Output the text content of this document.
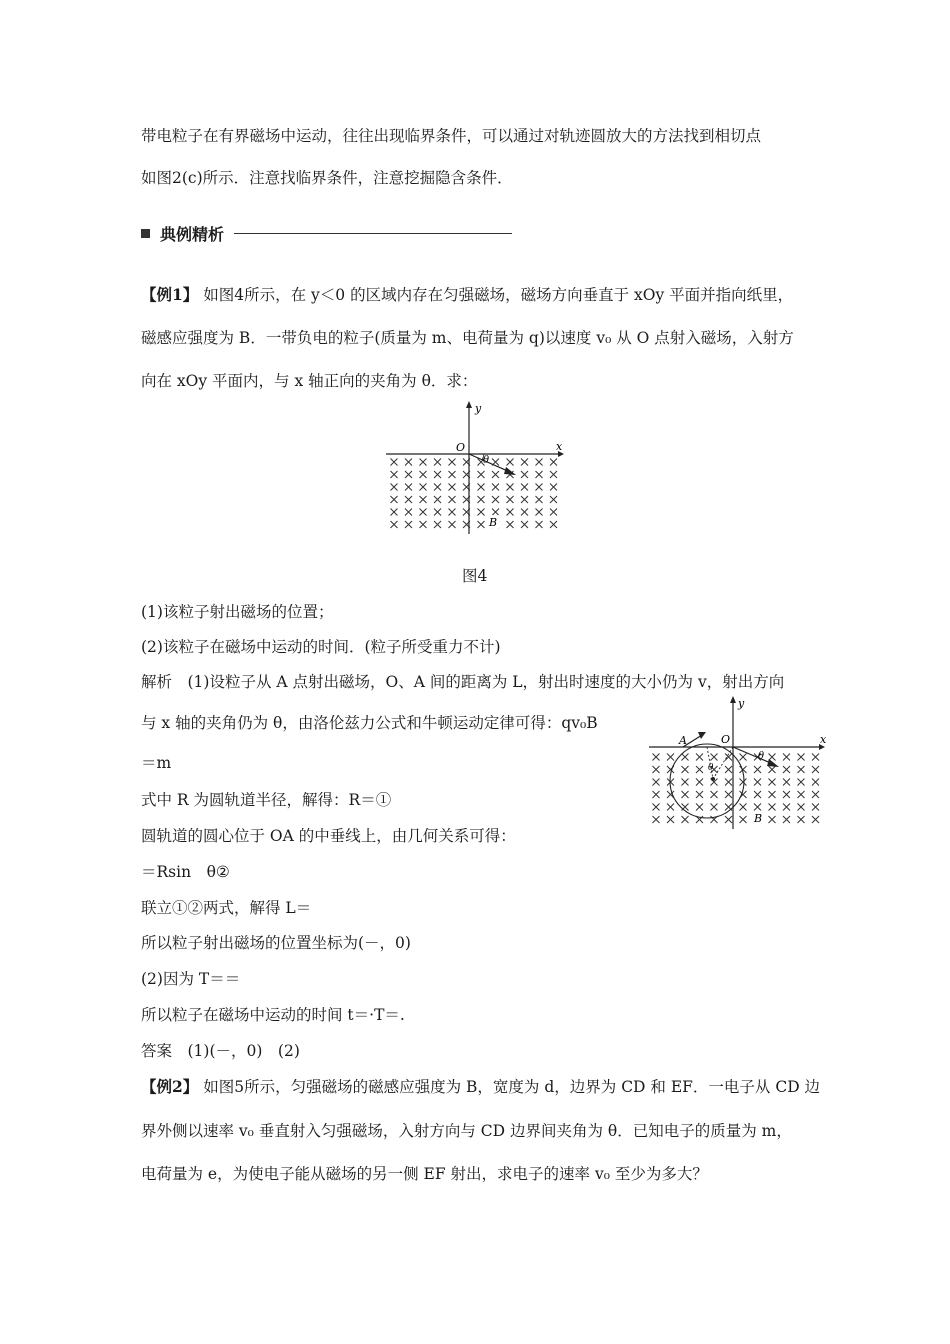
带电粒子在有界磁场中运动，往往出现临界条件，可以通过对轨迹圆放大的方法找到相切点
如图2(c)所示．注意找临界条件，注意挖掘隐含条件．
典例精析
【例1】 如图4所示，在 y＜0 的区域内存在匀强磁场，磁场方向垂直于 xOy 平面并指向纸里，
磁感应强度为 B．一带负电的粒子(质量为 m、电荷量为 q)以速度 v₀ 从 O 点射入磁场，入射方
向在 xOy 平面内，与 x 轴正向的夹角为 θ．求：
x
y
O
θ
B
图4
(1)该粒子射出磁场的位置；
(2)该粒子在磁场中运动的时间．(粒子所受重力不计)
解析　(1)设粒子从 A 点射出磁场，O、A 间的距离为 L，射出时速度的大小仍为 v，射出方向
与 x 轴的夹角仍为 θ，由洛伦兹力公式和牛顿运动定律可得：qv₀B
＝m
式中 R 为圆轨道半径，解得：R＝①
圆轨道的圆心位于 OA 的中垂线上，由几何关系可得：
＝Rsin　θ②
联立①②两式，解得 L＝
所以粒子射出磁场的位置坐标为(－，0)
(2)因为 T＝＝
所以粒子在磁场中运动的时间 t＝·T＝.
答案　(1)(－，0)　(2)
A	O	x
y
θ
θ
B
【例2】 如图5所示，匀强磁场的磁感应强度为 B，宽度为 d，边界为 CD 和 EF．一电子从 CD 边
界外侧以速率 v₀ 垂直射入匀强磁场，入射方向与 CD 边界间夹角为 θ．已知电子的质量为 m，
电荷量为 e，为使电子能从磁场的另一侧 EF 射出，求电子的速率 v₀ 至少为多大？
